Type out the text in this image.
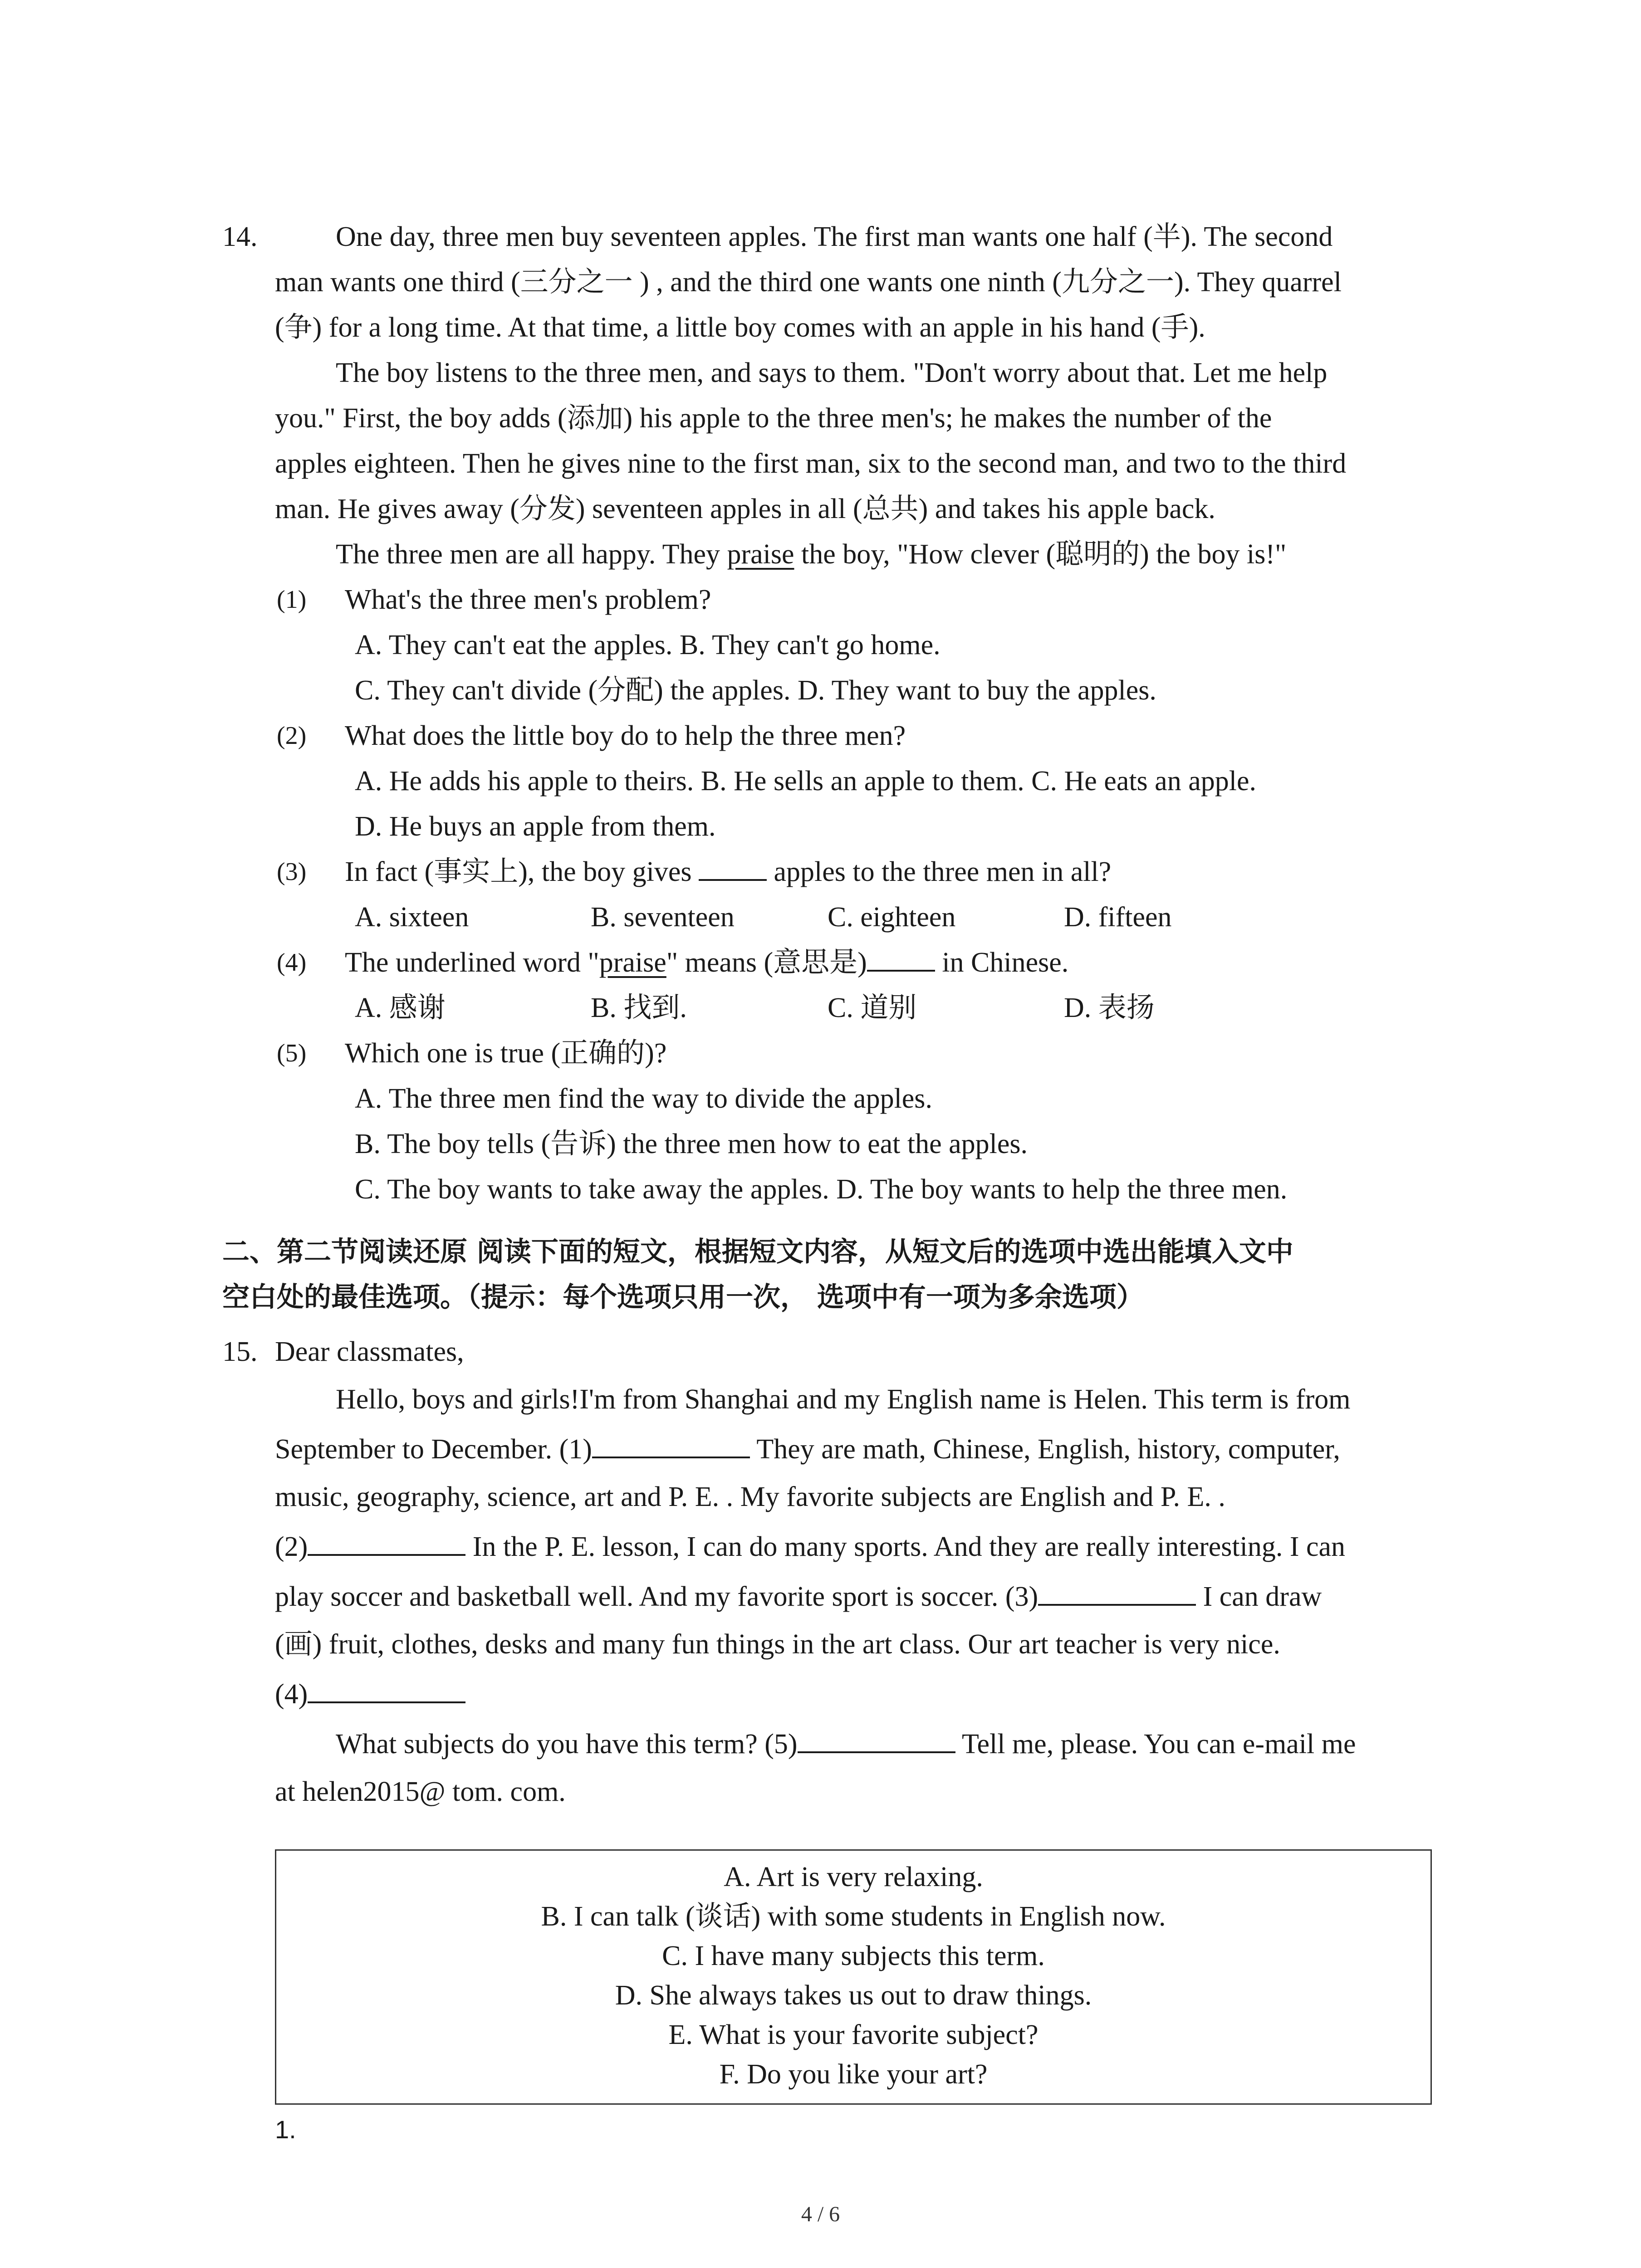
14.	One day, three men buy seventeen apples. The first man wants one half (半). The second
man wants one third (三分之一 ) , and the third one wants one ninth (九分之一). They quarrel
(争) for a long time. At that time, a little boy comes with an apple in his hand (手).
The boy listens to the three men, and says to them. "Don't worry about that. Let me help
you." First, the boy adds (添加) his apple to the three men's; he makes the number of the
apples eighteen. Then he gives nine to the first man, six to the second man, and two to the third
man. He gives away (分发) seventeen apples in all (总共) and takes his apple back.
The three men are all happy. They praise the boy, "How clever (聪明的) the boy is!"
(1) What's the three men's problem?
A. They can't eat the apples. B. They can't go home.
C. They can't divide (分配) the apples. D. They want to buy the apples.
(2) What does the little boy do to help the three men?
A. He adds his apple to theirs. B. He sells an apple to them. C. He eats an apple.
D. He buys an apple from them.
(3) In fact (事实上), the boy gives  apples to the three men in all?
A. sixteen	B. seventeen	C. eighteen	D. fifteen
(4) The underlined word "praise" means (意思是) in Chinese.
A. 感谢	B. 找到.	C. 道别	D. 表扬
(5) Which one is true (正确的)?
A. The three men find the way to divide the apples.
B. The boy tells (告诉) the three men how to eat the apples.
C. The boy wants to take away the apples. D. The boy wants to help the three men.
二、第二节阅读还原 阅读下面的短文，根据短文内容，从短文后的选项中选出能填入文中
空白处的最佳选项。（提示：每个选项只用一次， 选项中有一项为多余选项）
15. Dear classmates,
Hello, boys and girls!I'm from Shanghai and my English name is Helen. This term is from
September to December. (1)	They are math, Chinese, English, history, computer,
music, geography, science, art and P. E. . My favorite subjects are English and P. E. .
(2)	In the P. E. lesson, I can do many sports. And they are really interesting. I can
play soccer and basketball well. And my favorite sport is soccer. (3)	I can draw
(画) fruit, clothes, desks and many fun things in the art class. Our art teacher is very nice.
(4)
What subjects do you have this term? (5)	Tell me, please. You can e-mail me
at helen2015@ tom. com.
A. Art is very relaxing.
B. I can talk (谈话) with some students in English now.
C. I have many subjects this term.
D. She always takes us out to draw things.
E. What is your favorite subject?
F. Do you like your art?
1.
4 / 6
